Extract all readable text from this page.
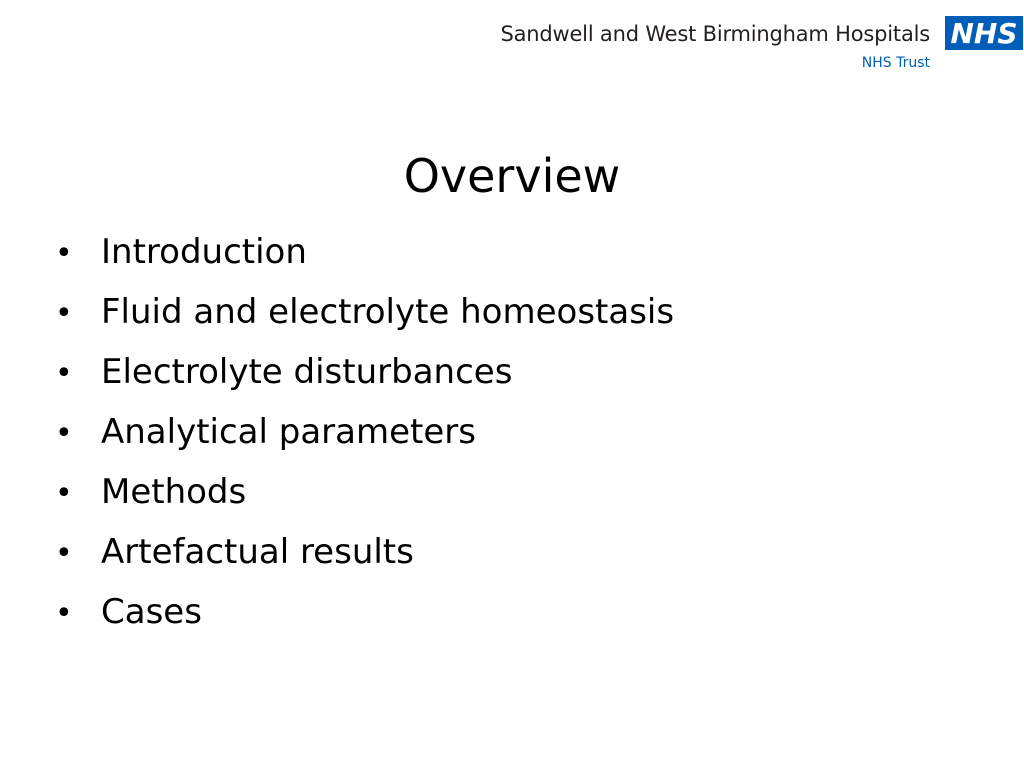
Sandwell and West Birmingham Hospitals
NHS Trust
NHS
Overview
• Introduction
• Fluid and electrolyte homeostasis
• Electrolyte disturbances
• Analytical parameters
• Methods
• Artefactual results
• Cases
